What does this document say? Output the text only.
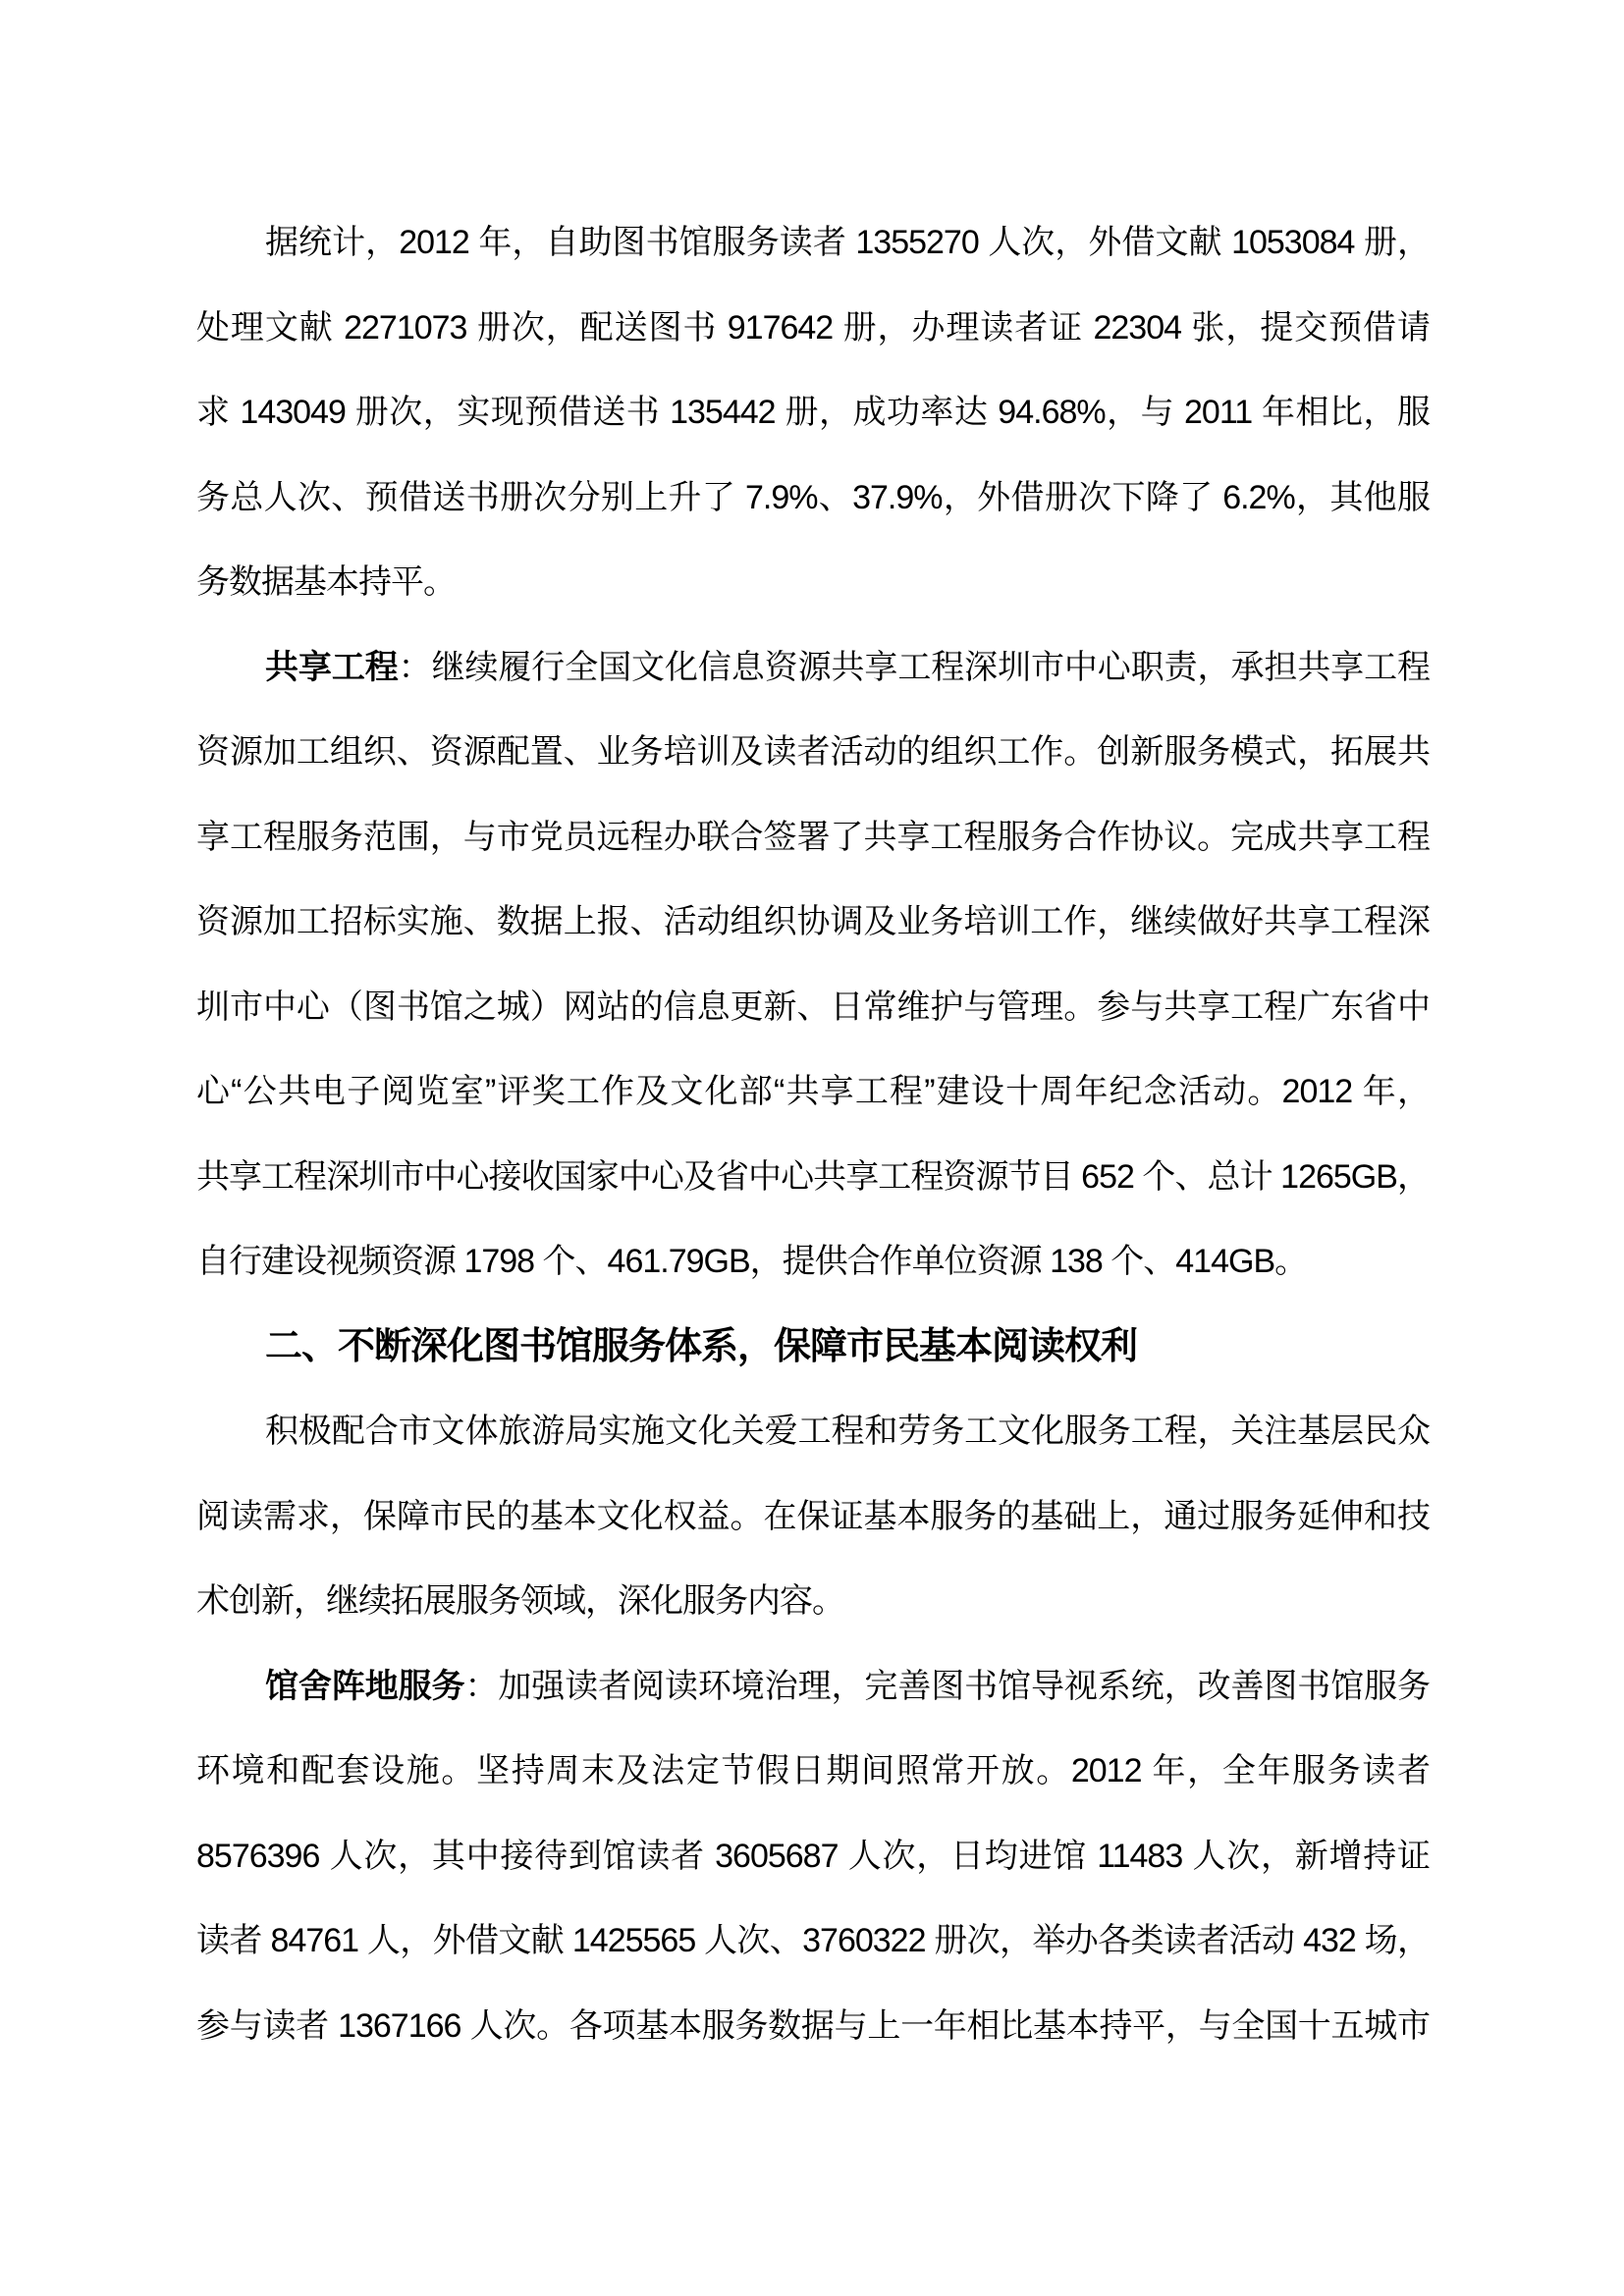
据统计，2012 年，自助图书馆服务读者 1355270 人次，外借文献 1053084 册，
处理文献 2271073 册次，配送图书 917642 册，办理读者证 22304 张，提交预借请
求 143049 册次，实现预借送书 135442 册，成功率达 94.68%，与 2011 年相比，服
务总人次、预借送书册次分别上升了 7.9%、37.9%，外借册次下降了 6.2%，其他服
务数据基本持平。
共享工程：继续履行全国文化信息资源共享工程深圳市中心职责，承担共享工程
资源加工组织、资源配置、业务培训及读者活动的组织工作。创新服务模式，拓展共
享工程服务范围，与市党员远程办联合签署了共享工程服务合作协议。完成共享工程
资源加工招标实施、数据上报、活动组织协调及业务培训工作，继续做好共享工程深
圳市中心（图书馆之城）网站的信息更新、日常维护与管理。参与共享工程广东省中
心“公共电子阅览室”评奖工作及文化部“共享工程”建设十周年纪念活动。2012 年，
共享工程深圳市中心接收国家中心及省中心共享工程资源节目 652 个、总计 1265GB，
自行建设视频资源 1798 个、461.79GB，提供合作单位资源 138 个、414GB。
二、不断深化图书馆服务体系，保障市民基本阅读权利
积极配合市文体旅游局实施文化关爱工程和劳务工文化服务工程，关注基层民众
阅读需求，保障市民的基本文化权益。在保证基本服务的基础上，通过服务延伸和技
术创新，继续拓展服务领域，深化服务内容。
馆舍阵地服务：加强读者阅读环境治理，完善图书馆导视系统，改善图书馆服务
环境和配套设施。坚持周末及法定节假日期间照常开放。2012 年，全年服务读者
8576396 人次，其中接待到馆读者 3605687 人次，日均进馆 11483 人次，新增持证
读者 84761 人，外借文献 1425565 人次、3760322 册次，举办各类读者活动 432 场，
参与读者 1367166 人次。各项基本服务数据与上一年相比基本持平，与全国十五城市
